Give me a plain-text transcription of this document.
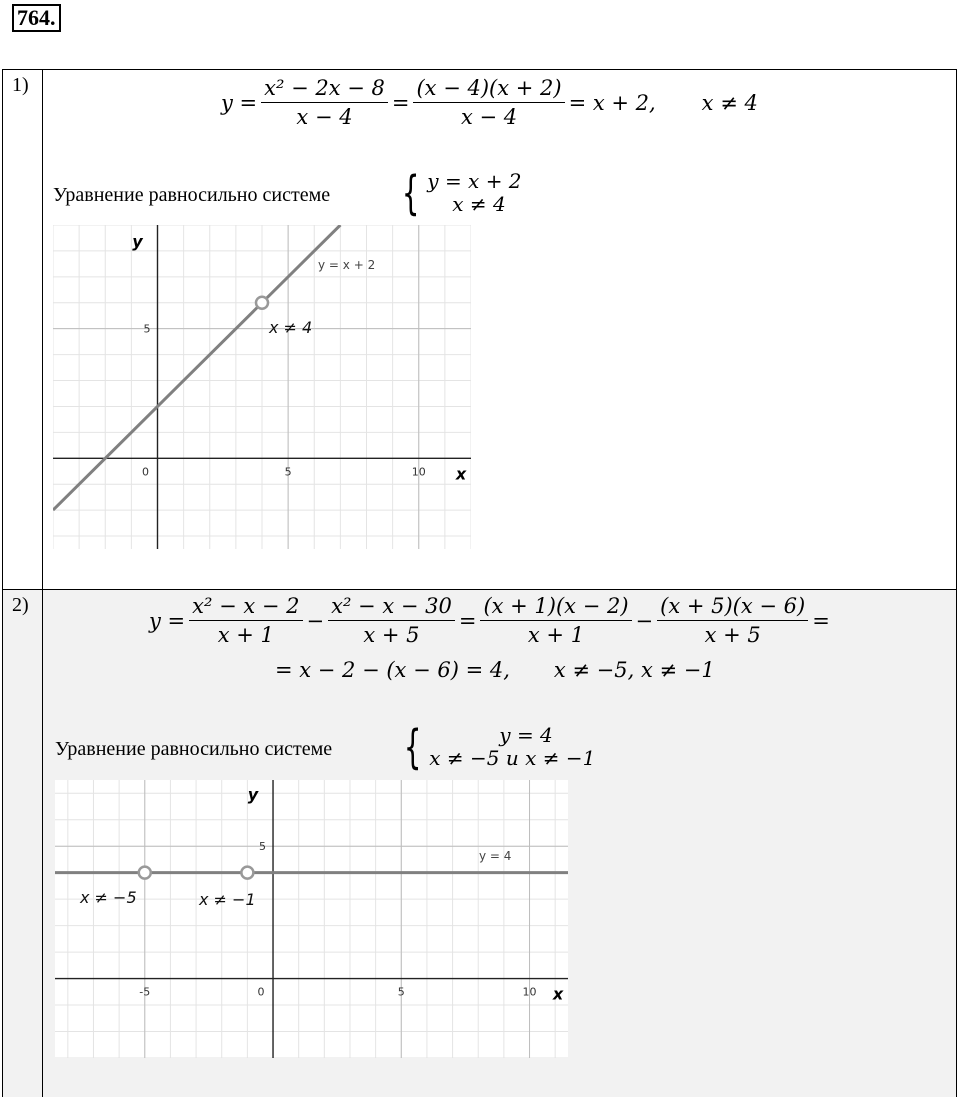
764.
1)
$y = \frac{\text{x² − 2x − 8}}{x - 4} = \frac{(x - 4)(x + 2)}{x - 4} = x + 2$, x ≠ 4
Уравнение равносильно системе { y = x + 2
x ≠ 4
5	10
5
0	x
y
y = x + 2
x ≠ 4
2)
$y = \frac{\text{x² − x − 2}}{x + 1} - \frac{\text{x² − x − 30}}{x + 5} = \frac{(x + 1)(x - 2)}{x + 1} - \frac{(x + 5)(x - 6)}{x + 5}$ =
= x − 2 − (x − 6) = 4, x ≠ −5, x ≠ −1
Уравнение равносильно системе {	y = 4
x ≠ −5 и x ≠ −1
-5	5	10
5
0	x
y
y = 4
x ≠ −5	x ≠ −1
